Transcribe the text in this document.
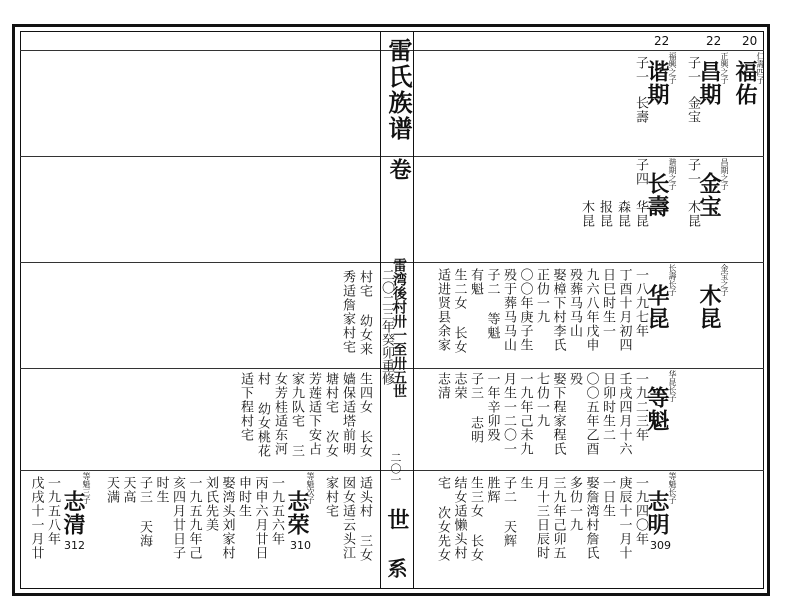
雷氏族谱
卷
雷湾後村卅一至卅五世
二〇二三年癸卯重修
二〇一
世
系
22	22 20
仁壽四子
福佑
正興之子
昌期
子一
金宝
福興之子
谐期
子一
长壽
昌期之子
金宝
子一
木昆
谐期之子
长壽
子四
华昆
森昆
报昆
木昆
金宝之子
木昆
长壽长子
华昆
一八九七年
丁酉十月初四
日巳时生一
九六八年戊申
殁葬马马山
娶樟下村李氏
正仂一九
〇〇年庚子生
殁于葬马马山
子二 等魁
有魁
生二女 长女
适进贤县余家
村宅 幼女来
秀适詹家村宅
华昆长子
等魁
一九二三年
壬戌四月十六
日卯时生二
〇〇五年乙酉
殁
娶下程家程氏
七仂一九
一九年己未九
月生一二〇一
一年辛卯殁
子三 志明
志荣
志清
生四女 长女
嫱保适塔前明
塘村宅 次女
芳莲适下安占
家九队宅 三
女芳桂适东河
村 幼女桃花
适下程村宅
等魁长子
志明
309
一九四〇年
庚辰十一月十
一日生
娶詹湾村詹氏
多仂一九
三九年己卯五
月十三日辰时
生
子二 天辉
胜辉
生三女 长女
结女适懒头村
宅 次女先女
适头村 三女
囡女适云头江
家村宅
等魁次子
志荣
310
一九五六年
丙申六月廿日
申时生
娶湾头刘家村
刘氏先美
一九五九年己
亥四月廿日子
时生
子三 天海
天高
天满
等魁三子
志清
312
一九五八年
戊戌十一月廿
